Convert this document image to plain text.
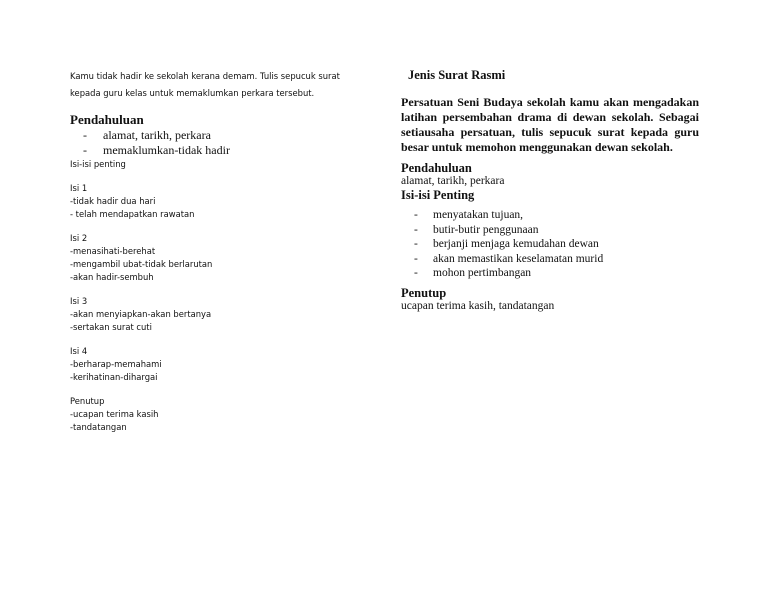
Kamu tidak hadir ke sekolah kerana demam. Tulis sepucuk surat kepada guru kelas untuk memaklumkan perkara tersebut.
Pendahuluan
- alamat, tarikh, perkara
- memaklumkan-tidak hadir
Isi-isi penting
Isi 1
-tidak hadir dua hari
- telah mendapatkan rawatan
Isi 2
-menasihati-berehat
-mengambil ubat-tidak berlarutan
-akan hadir-sembuh
Isi 3
-akan menyiapkan-akan bertanya
-sertakan surat cuti
Isi 4
-berharap-memahami
-kerihatinan-dihargai
Penutup
-ucapan terima kasih
-tandatangan
Jenis Surat Rasmi
Persatuan Seni Budaya sekolah kamu akan mengadakan latihan persembahan drama di dewan sekolah. Sebagai setiausaha persatuan, tulis sepucuk surat kepada guru besar untuk memohon menggunakan dewan sekolah.
Pendahuluan
alamat, tarikh, perkara
Isi-isi Penting
- menyatakan tujuan,
- butir-butir penggunaan
- berjanji menjaga kemudahan dewan
- akan memastikan keselamatan murid
- mohon pertimbangan
Penutup
ucapan terima kasih, tandatangan
